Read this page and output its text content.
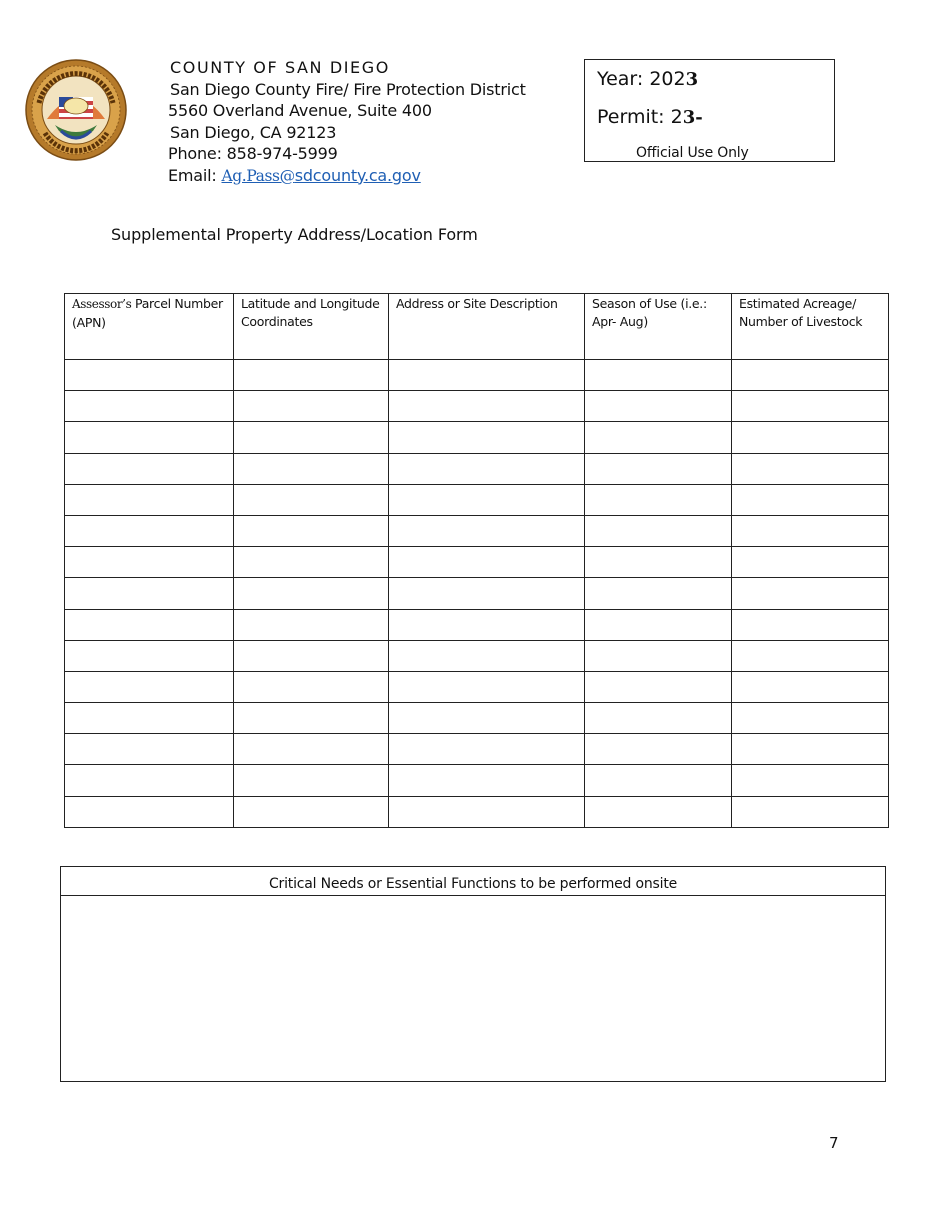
COUNTY OF SAN DIEGO
San Diego County Fire/ Fire Protection District
5560 Overland Avenue, Suite 400
San Diego, CA 92123
Phone: 858-974-5999
Email: Ag.Pass@sdcounty.ca.gov
Year: 2023
Permit: 23-
Official Use Only
Supplemental Property Address/Location Form
Assessor’s Parcel Number (APN)	Latitude and Longitude Coordinates	Address or Site Description	Season of Use (i.e.: Apr- Aug)	Estimated Acreage/ Number of Livestock

Critical Needs or Essential Functions to be performed onsite
7
